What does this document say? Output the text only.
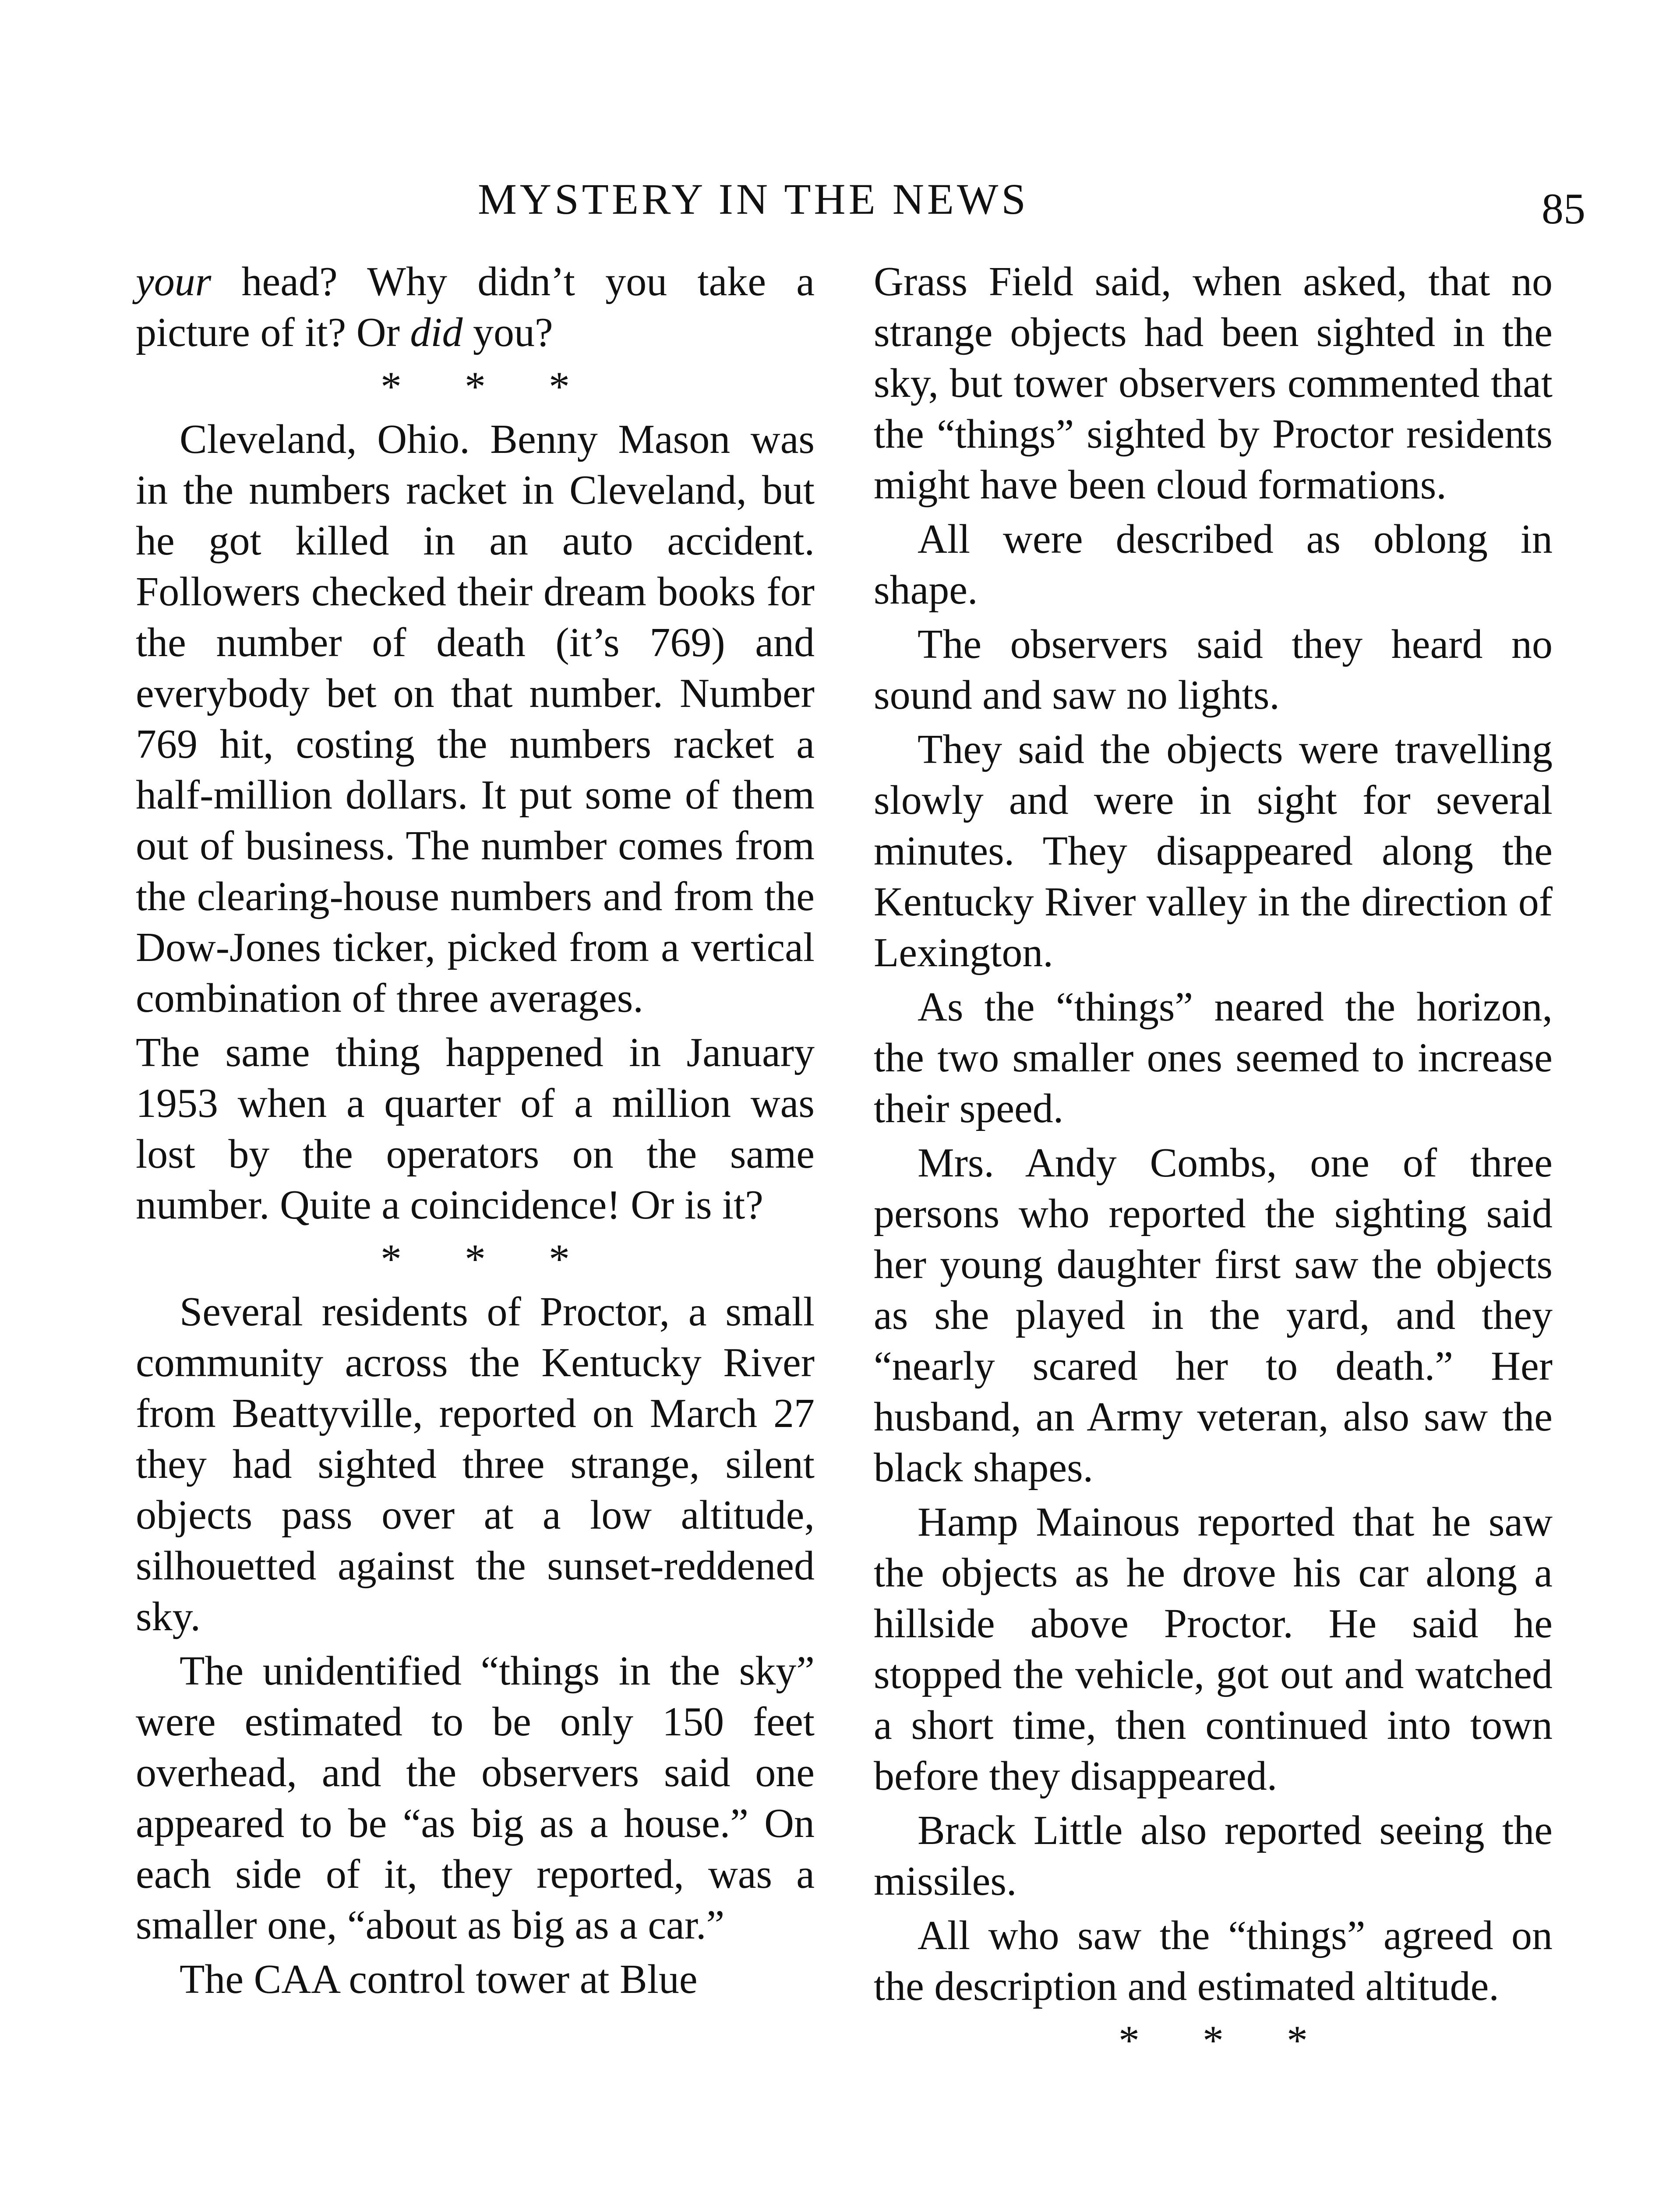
MYSTERY IN THE NEWS	85

your head? Why didn’t you take a picture of it? Or did you?

* * *

Cleveland, Ohio. Benny Mason was in the numbers racket in Cleveland, but he got killed in an auto accident. Followers checked their dream books for the number of death (it’s 769) and everybody bet on that number. Number 769 hit, costing the numbers racket a half-million dollars. It put some of them out of business. The number comes from the clearing-house numbers and from the Dow-Jones ticker, picked from a vertical combination of three averages.

The same thing happened in January 1953 when a quarter of a million was lost by the operators on the same number. Quite a coincidence! Or is it?

* * *

Several residents of Proctor, a small community across the Kentucky River from Beattyville, reported on March 27 they had sighted three strange, silent objects pass over at a low altitude, silhouetted against the sunset-reddened sky.

The unidentified “things in the sky” were estimated to be only 150 feet overhead, and the observers said one appeared to be “as big as a house.” On each side of it, they reported, was a smaller one, “about as big as a car.”

The CAA control tower at Blue

Grass Field said, when asked, that no strange objects had been sighted in the sky, but tower observers commented that the “things” sighted by Proctor residents might have been cloud formations.

All were described as oblong in shape.

The observers said they heard no sound and saw no lights.

They said the objects were travelling slowly and were in sight for several minutes. They disappeared along the Kentucky River valley in the direction of Lexington.

As the “things” neared the horizon, the two smaller ones seemed to increase their speed.

Mrs. Andy Combs, one of three persons who reported the sighting said her young daughter first saw the objects as she played in the yard, and they “nearly scared her to death.” Her husband, an Army veteran, also saw the black shapes.

Hamp Mainous reported that he saw the objects as he drove his car along a hillside above Proctor. He said he stopped the vehicle, got out and watched a short time, then continued into town before they disappeared.

Brack Little also reported seeing the missiles.

All who saw the “things” agreed on the description and estimated altitude.

* * *
